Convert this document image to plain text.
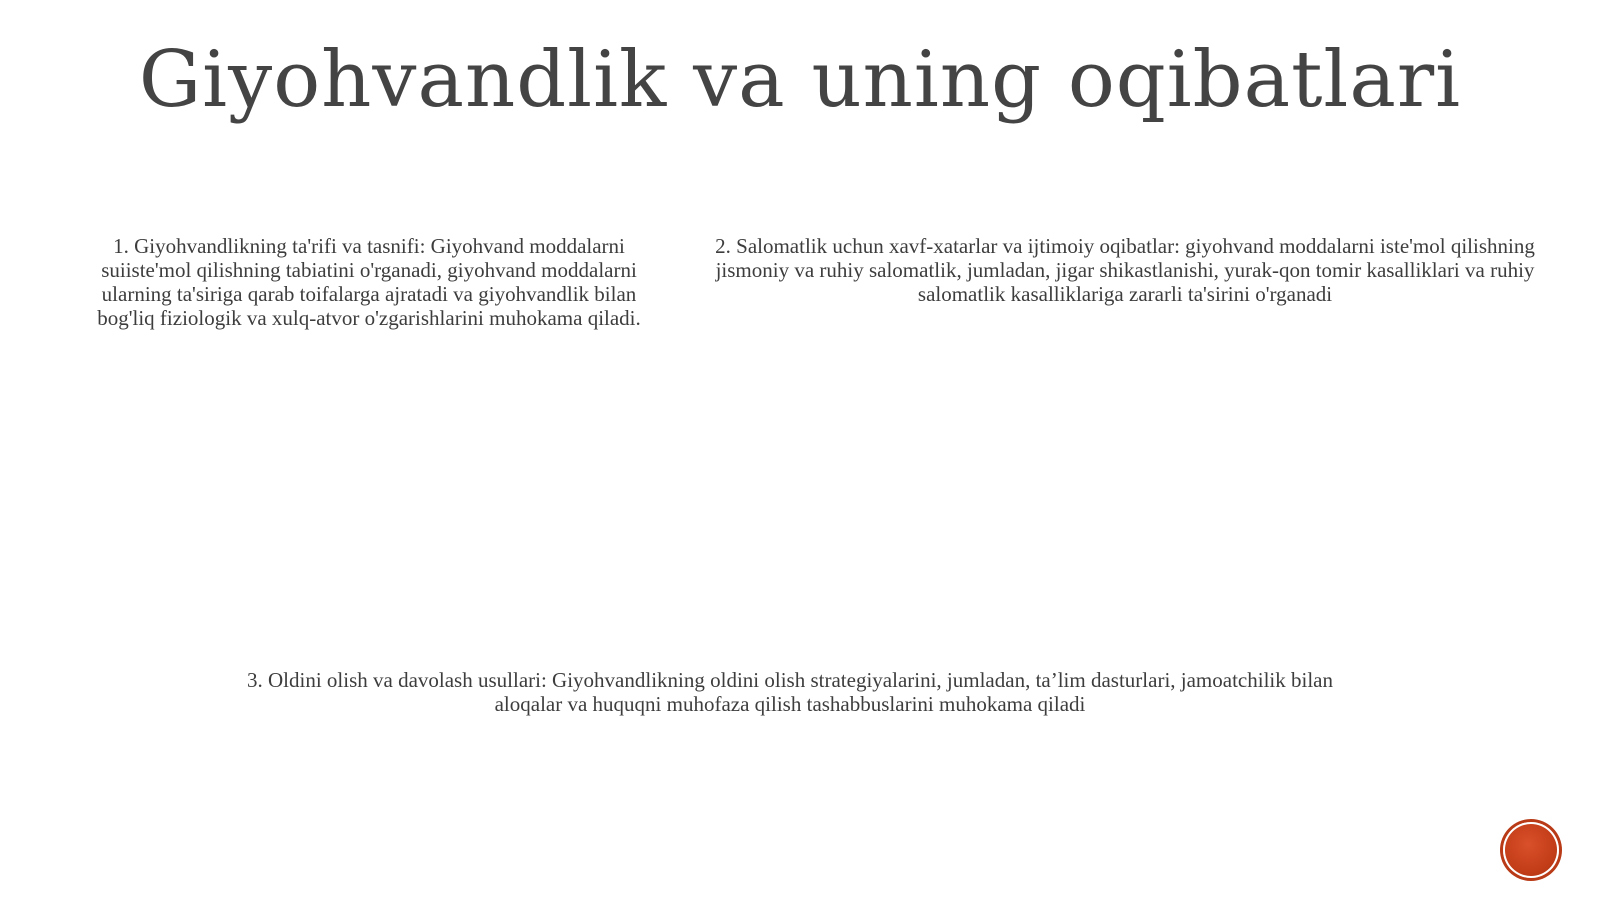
Giyohvandlik va uning oqibatlari

1. Giyohvandlikning ta'rifi va tasnifi: Giyohvand moddalarni suiiste'mol qilishning tabiatini o'rganadi, giyohvand moddalarni ularning ta'siriga qarab toifalarga ajratadi va giyohvandlik bilan bog'liq fiziologik va xulq-atvor o'zgarishlarini muhokama qiladi.

2. Salomatlik uchun xavf-xatarlar va ijtimoiy oqibatlar: giyohvand moddalarni iste'mol qilishning jismoniy va ruhiy salomatlik, jumladan, jigar shikastlanishi, yurak-qon tomir kasalliklari va ruhiy salomatlik kasalliklariga zararli ta'sirini o'rganadi

3. Oldini olish va davolash usullari: Giyohvandlikning oldini olish strategiyalarini, jumladan, ta’lim dasturlari, jamoatchilik bilan aloqalar va huquqni muhofaza qilish tashabbuslarini muhokama qiladi
